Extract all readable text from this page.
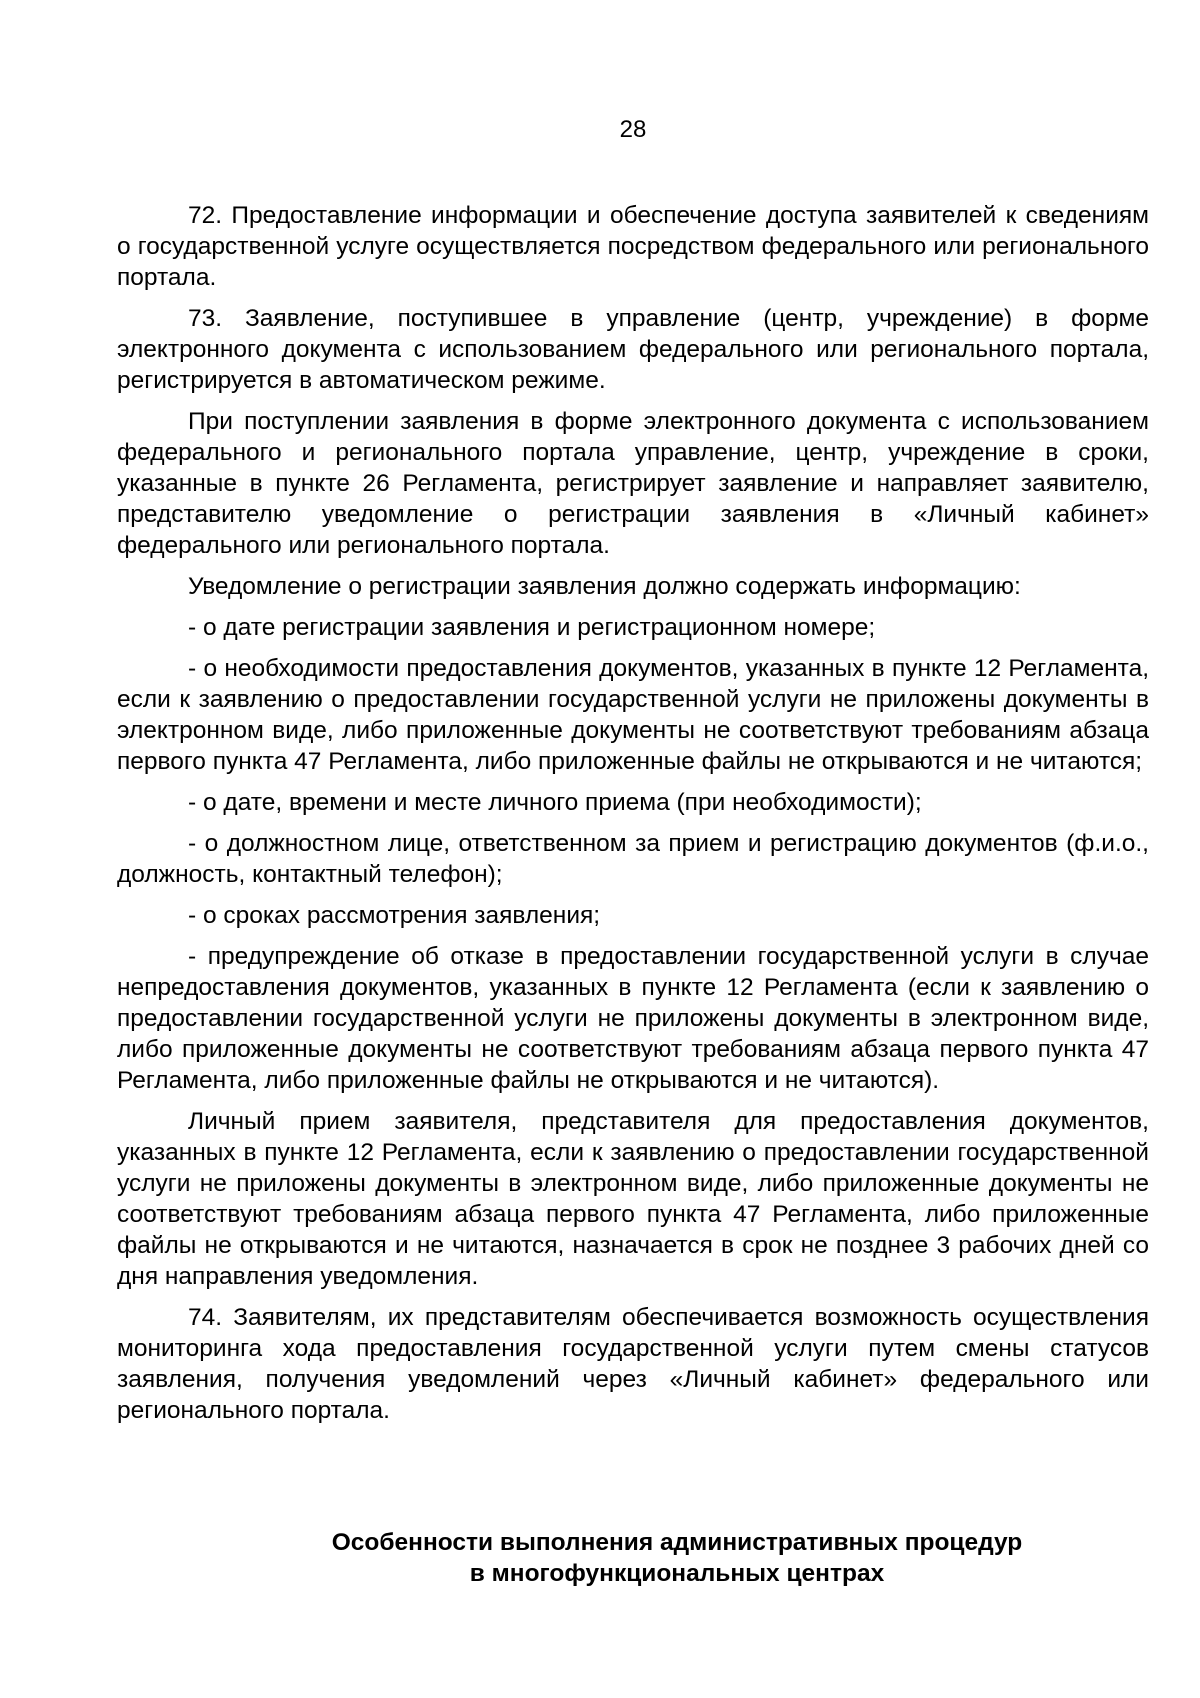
28

72. Предоставление информации и обеспечение доступа заявителей к сведениям о государственной услуге осуществляется посредством федерального или регионального портала.

73. Заявление, поступившее в управление (центр, учреждение) в форме электронного документа с использованием федерального или регионального портала, регистрируется в автоматическом режиме.

При поступлении заявления в форме электронного документа с использованием федерального и регионального портала управление, центр, учреждение в сроки, указанные в пункте 26 Регламента, регистрирует заявление и направляет заявителю, представителю уведомление о регистрации заявления в «Личный кабинет» федерального или регионального портала.

Уведомление о регистрации заявления должно содержать информацию:

- о дате регистрации заявления и регистрационном номере;

- о необходимости предоставления документов, указанных в пункте 12 Регламента, если к заявлению о предоставлении государственной услуги не приложены документы в электронном виде, либо приложенные документы не соответствуют требованиям абзаца первого пункта 47 Регламента, либо приложенные файлы не открываются и не читаются;

- о дате, времени и месте личного приема (при необходимости);

- о должностном лице, ответственном за прием и регистрацию документов (ф.и.о., должность, контактный телефон);

- о сроках рассмотрения заявления;

- предупреждение об отказе в предоставлении государственной услуги в случае непредоставления документов, указанных в пункте 12 Регламента (если к заявлению о предоставлении государственной услуги не приложены документы в электронном виде, либо приложенные документы не соответствуют требованиям абзаца первого пункта 47 Регламента, либо приложенные файлы не открываются и не читаются).

Личный прием заявителя, представителя для предоставления документов, указанных в пункте 12 Регламента, если к заявлению о предоставлении государственной услуги не приложены документы в электронном виде, либо приложенные документы не соответствуют требованиям абзаца первого пункта 47 Регламента, либо приложенные файлы не открываются и не читаются, назначается в срок не позднее 3 рабочих дней со дня направления уведомления.

74. Заявителям, их представителям обеспечивается возможность осуществления мониторинга хода предоставления государственной услуги путем смены статусов заявления, получения уведомлений через «Личный кабинет» федерального или регионального портала.

Особенности выполнения административных процедур
в многофункциональных центрах
